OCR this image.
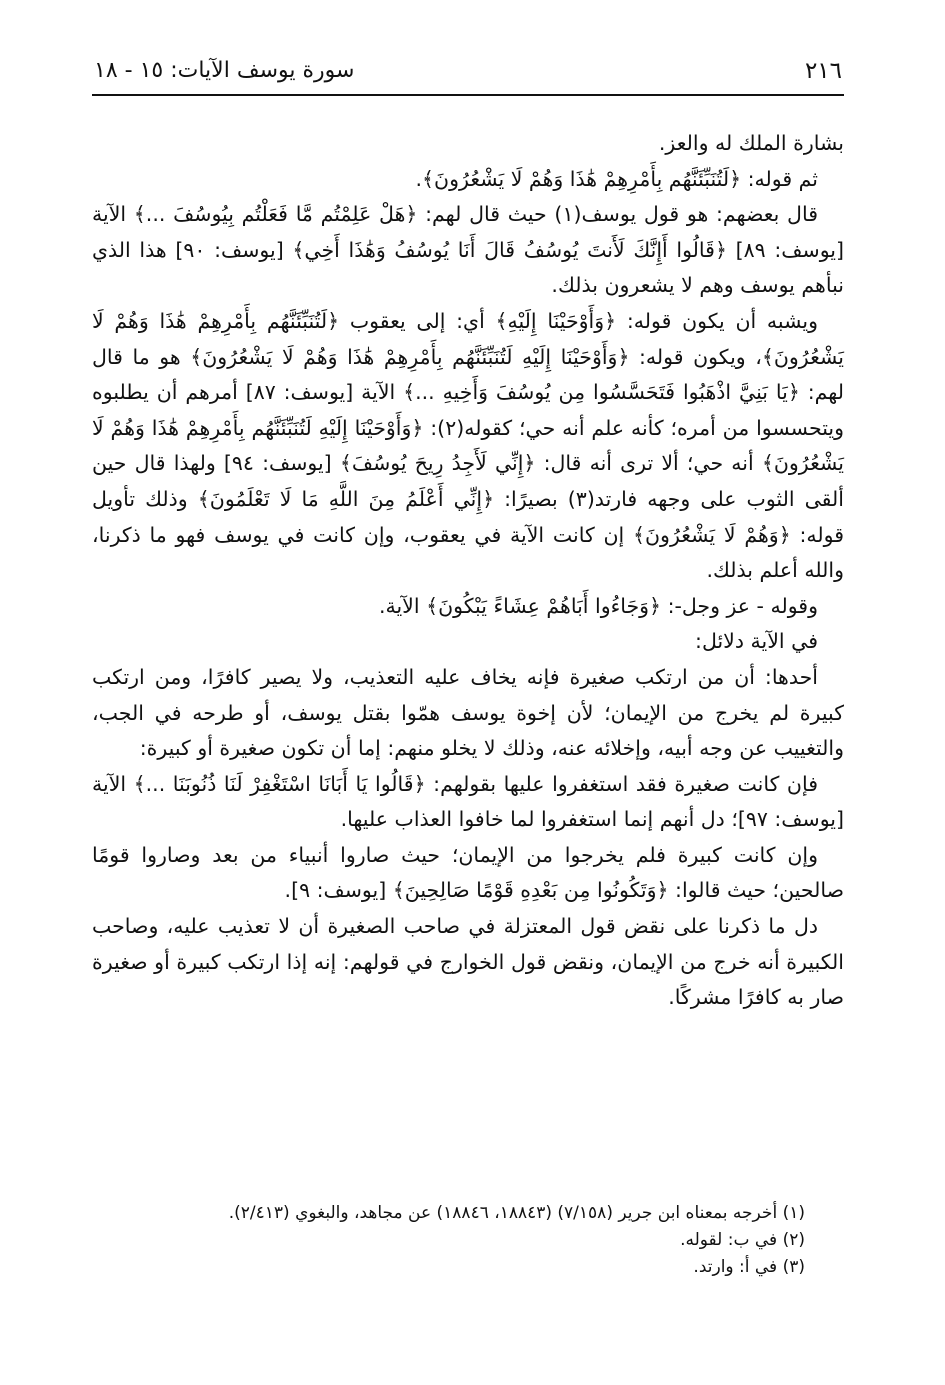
٢١٦
سورة يوسف الآيات: ١٥ - ١٨

بشارة الملك له والعز.

ثم قوله: ﴿لَتُنَبِّئَنَّهُم بِأَمْرِهِمْ هَٰذَا وَهُمْ لَا يَشْعُرُونَ﴾.

قال بعضهم: هو قول يوسف(١) حيث قال لهم: ﴿هَلْ عَلِمْتُم مَّا فَعَلْتُم بِيُوسُفَ ...﴾ الآية [يوسف: ٨٩] ﴿قَالُوا أَإِنَّكَ لَأَنتَ يُوسُفُ قَالَ أَنَا يُوسُفُ وَهَٰذَا أَخِي﴾ [يوسف: ٩٠] هذا الذي نبأهم يوسف وهم لا يشعرون بذلك.

ويشبه أن يكون قوله: ﴿وَأَوْحَيْنَا إِلَيْهِ﴾ أي: إلى يعقوب ﴿لَتُنَبِّئَنَّهُم بِأَمْرِهِمْ هَٰذَا وَهُمْ لَا يَشْعُرُونَ﴾، ويكون قوله: ﴿وَأَوْحَيْنَا إِلَيْهِ لَتُنَبِّئَنَّهُم بِأَمْرِهِمْ هَٰذَا وَهُمْ لَا يَشْعُرُونَ﴾ هو ما قال لهم: ﴿يَا بَنِيَّ اذْهَبُوا فَتَحَسَّسُوا مِن يُوسُفَ وَأَخِيهِ ...﴾ الآية [يوسف: ٨٧] أمرهم أن يطلبوه ويتحسسوا من أمره؛ كأنه علم أنه حي؛ كقوله(٢): ﴿وَأَوْحَيْنَا إِلَيْهِ لَتُنَبِّئَنَّهُم بِأَمْرِهِمْ هَٰذَا وَهُمْ لَا يَشْعُرُونَ﴾ أنه حي؛ ألا ترى أنه قال: ﴿إِنِّي لَأَجِدُ رِيحَ يُوسُفَ﴾ [يوسف: ٩٤] ولهذا قال حين ألقى الثوب على وجهه فارتد(٣) بصيرًا: ﴿إِنِّي أَعْلَمُ مِنَ اللَّهِ مَا لَا تَعْلَمُونَ﴾ وذلك تأويل قوله: ﴿وَهُمْ لَا يَشْعُرُونَ﴾ إن كانت الآية في يعقوب، وإن كانت في يوسف فهو ما ذكرنا، والله أعلم بذلك.

وقوله - عز وجل-: ﴿وَجَاءُوا أَبَاهُمْ عِشَاءً يَبْكُونَ﴾ الآية.

في الآية دلائل:

أحدها: أن من ارتكب صغيرة فإنه يخاف عليه التعذيب، ولا يصير كافرًا، ومن ارتكب كبيرة لم يخرج من الإيمان؛ لأن إخوة يوسف همّوا بقتل يوسف، أو طرحه في الجب، والتغييب عن وجه أبيه، وإخلائه عنه، وذلك لا يخلو منهم: إما أن تكون صغيرة أو كبيرة:

فإن كانت صغيرة فقد استغفروا عليها بقولهم: ﴿قَالُوا يَا أَبَانَا اسْتَغْفِرْ لَنَا ذُنُوبَنَا ...﴾ الآية [يوسف: ٩٧]؛ دل أنهم إنما استغفروا لما خافوا العذاب عليها.

وإن كانت كبيرة فلم يخرجوا من الإيمان؛ حيث صاروا أنبياء من بعد وصاروا قومًا صالحين؛ حيث قالوا: ﴿وَتَكُونُوا مِن بَعْدِهِ قَوْمًا صَالِحِينَ﴾ [يوسف: ٩].

دل ما ذكرنا على نقض قول المعتزلة في صاحب الصغيرة أن لا تعذيب عليه، وصاحب الكبيرة أنه خرج من الإيمان، ونقض قول الخوارج في قولهم: إنه إذا ارتكب كبيرة أو صغيرة صار به كافرًا مشركًا.

(١) أخرجه بمعناه ابن جرير (٧/١٥٨) (١٨٨٤٣، ١٨٨٤٦) عن مجاهد، والبغوي (٢/٤١٣).

(٢) في ب: لقوله.

(٣) في أ: وارتد.
